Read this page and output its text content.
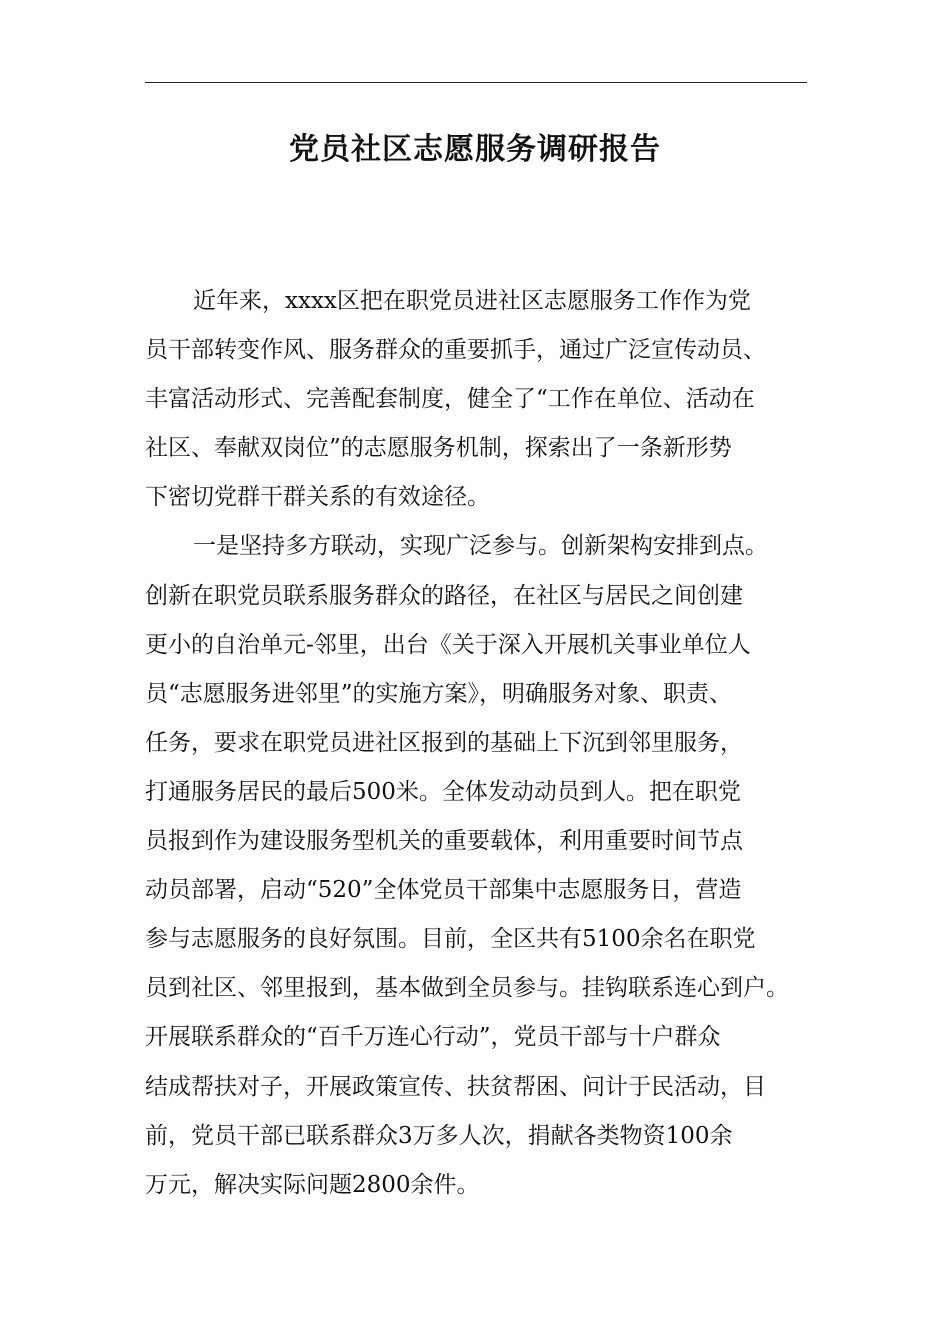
党员社区志愿服务调研报告
近年来，xxxx区把在职党员进社区志愿服务工作作为党
员干部转变作风、服务群众的重要抓手，通过广泛宣传动员、
丰富活动形式、完善配套制度，健全了“工作在单位、活动在
社区、奉献双岗位”的志愿服务机制，探索出了一条新形势
下密切党群干群关系的有效途径。
一是坚持多方联动，实现广泛参与。创新架构安排到点。
创新在职党员联系服务群众的路径，在社区与居民之间创建
更小的自治单元-邻里，出台《关于深入开展机关事业单位人
员“志愿服务进邻里”的实施方案》，明确服务对象、职责、
任务，要求在职党员进社区报到的基础上下沉到邻里服务，
打通服务居民的最后500米。全体发动动员到人。把在职党
员报到作为建设服务型机关的重要载体，利用重要时间节点
动员部署，启动“520”全体党员干部集中志愿服务日，营造
参与志愿服务的良好氛围。目前，全区共有5100余名在职党
员到社区、邻里报到，基本做到全员参与。挂钩联系连心到户。
开展联系群众的“百千万连心行动”，党员干部与十户群众
结成帮扶对子，开展政策宣传、扶贫帮困、问计于民活动，目
前，党员干部已联系群众3万多人次，捐献各类物资100余
万元，解决实际问题2800余件。
